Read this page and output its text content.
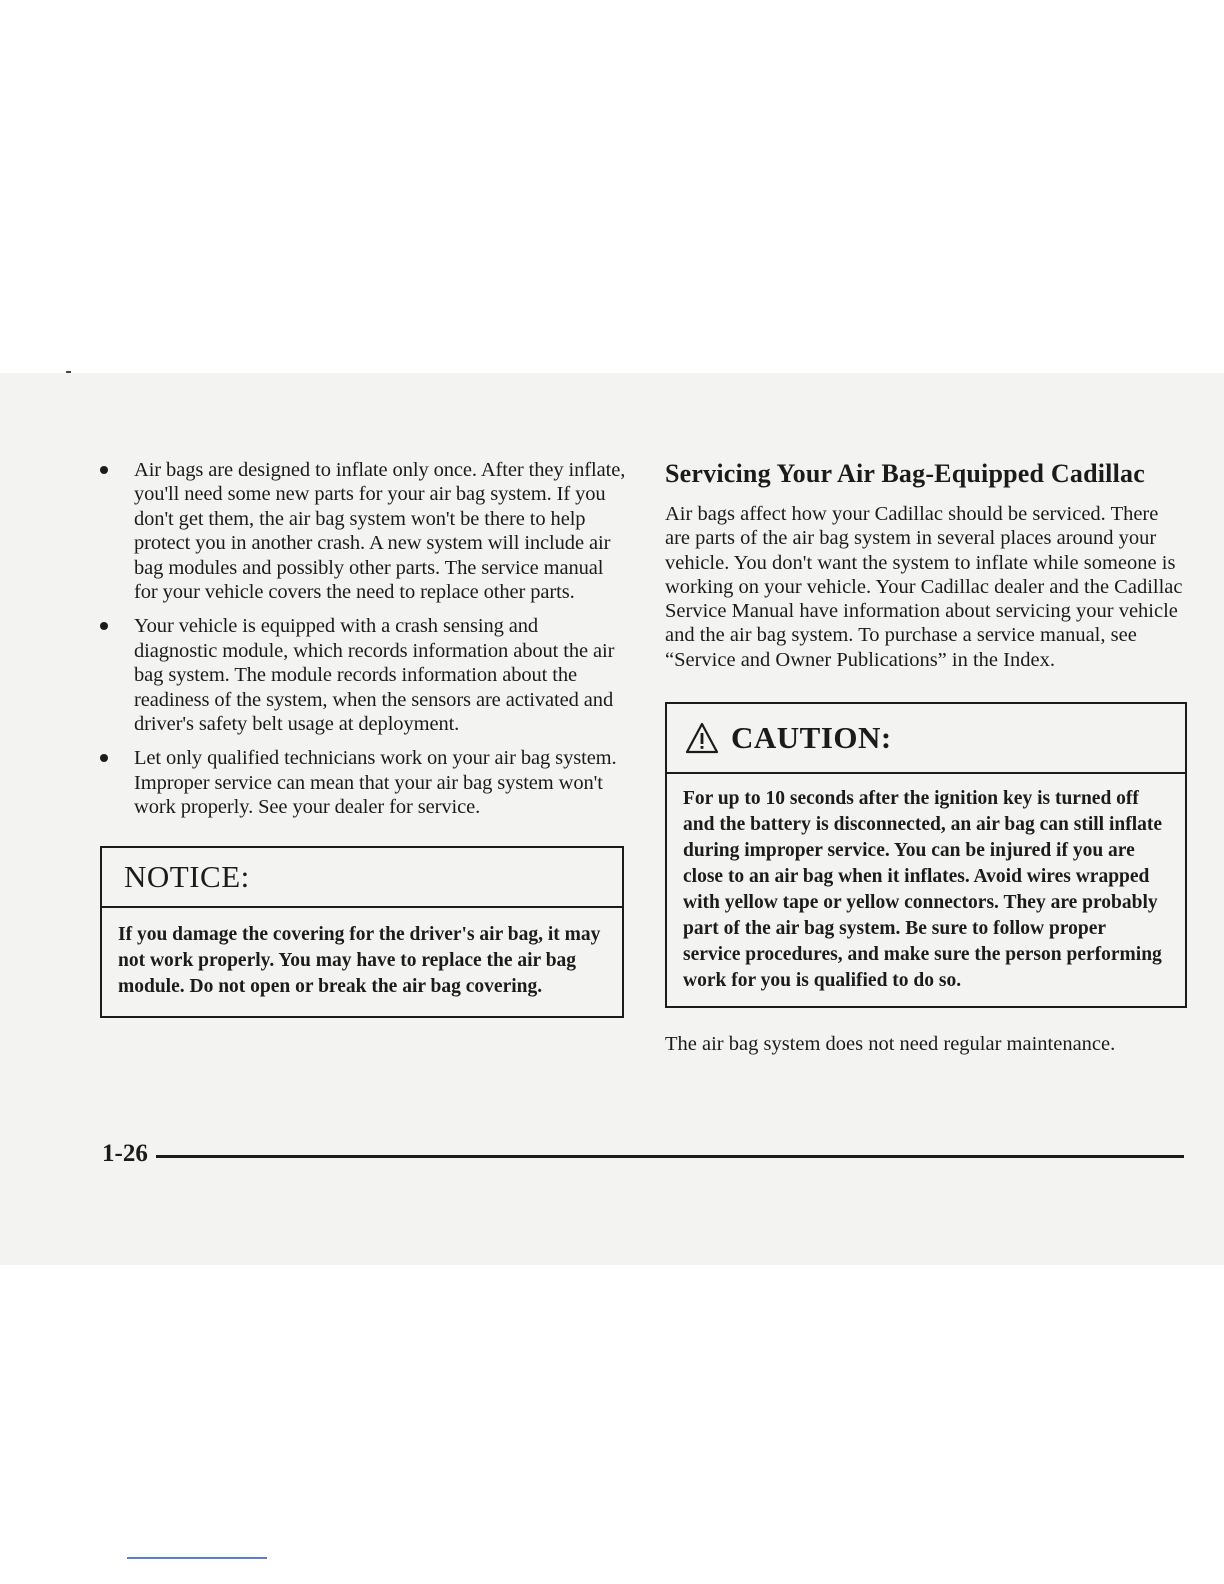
Air bags are designed to inflate only once. After they inflate, you'll need some new parts for your air bag system. If you don't get them, the air bag system won't be there to help protect you in another crash. A new system will include air bag modules and possibly other parts. The service manual for your vehicle covers the need to replace other parts.
Your vehicle is equipped with a crash sensing and diagnostic module, which records information about the air bag system. The module records information about the readiness of the system, when the sensors are activated and driver's safety belt usage at deployment.
Let only qualified technicians work on your air bag system. Improper service can mean that your air bag system won't work properly. See your dealer for service.
NOTICE:
If you damage the covering for the driver's air bag, it may not work properly. You may have to replace the air bag module. Do not open or break the air bag covering.
Servicing Your Air Bag-Equipped Cadillac

Air bags affect how your Cadillac should be serviced. There are parts of the air bag system in several places around your vehicle. You don't want the system to inflate while someone is working on your vehicle. Your Cadillac dealer and the Cadillac Service Manual have information about servicing your vehicle and the air bag system. To purchase a service manual, see “Service and Owner Publications” in the Index.

CAUTION:
For up to 10 seconds after the ignition key is turned off and the battery is disconnected, an air bag can still inflate during improper service. You can be injured if you are close to an air bag when it inflates. Avoid wires wrapped with yellow tape or yellow connectors. They are probably part of the air bag system. Be sure to follow proper service procedures, and make sure the person performing work for you is qualified to do so.

The air bag system does not need regular maintenance.

1-26
